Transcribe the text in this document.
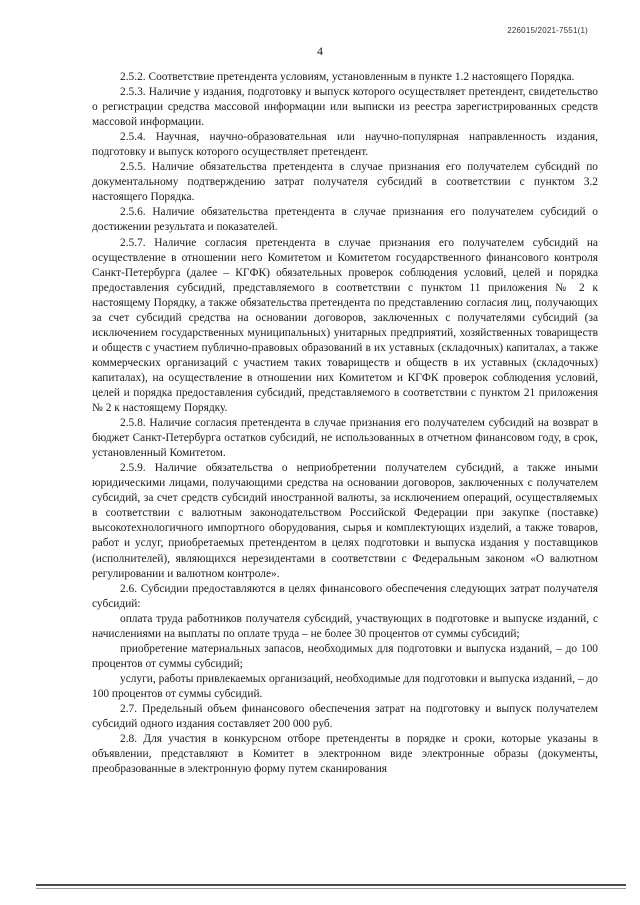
226015/2021-7551(1)
4

2.5.2. Соответствие претендента условиям, установленным в пункте 1.2 настоящего Порядка.

2.5.3. Наличие у издания, подготовку и выпуск которого осуществляет претендент, свидетельство о регистрации средства массовой информации или выписки из реестра зарегистрированных средств массовой информации.

2.5.4. Научная, научно-образовательная или научно-популярная направленность издания, подготовку и выпуск которого осуществляет претендент.

2.5.5. Наличие обязательства претендента в случае признания его получателем субсидий по документальному подтверждению затрат получателя субсидий в соответствии с пунктом 3.2 настоящего Порядка.

2.5.6. Наличие обязательства претендента в случае признания его получателем субсидий о достижении результата и показателей.

2.5.7. Наличие согласия претендента в случае признания его получателем субсидий на осуществление в отношении него Комитетом и Комитетом государственного финансового контроля Санкт-Петербурга (далее – КГФК) обязательных проверок соблюдения условий, целей и порядка предоставления субсидий, представляемого в соответствии с пунктом 11 приложения № 2 к настоящему Порядку, а также обязательства претендента по представлению согласия лиц, получающих за счет субсидий средства на основании договоров, заключенных с получателями субсидий (за исключением государственных муниципальных) унитарных предприятий, хозяйственных товариществ и обществ с участием публично-правовых образований в их уставных (складочных) капиталах, а также коммерческих организаций с участием таких товариществ и обществ в их уставных (складочных) капиталах), на осуществление в отношении них Комитетом и КГФК проверок соблюдения условий, целей и порядка предоставления субсидий, представляемого в соответствии с пунктом 21 приложения № 2 к настоящему Порядку.

2.5.8. Наличие согласия претендента в случае признания его получателем субсидий на возврат в бюджет Санкт-Петербурга остатков субсидий, не использованных в отчетном финансовом году, в срок, установленный Комитетом.

2.5.9. Наличие обязательства о неприобретении получателем субсидий, а также иными юридическими лицами, получающими средства на основании договоров, заключенных с получателем субсидий, за счет средств субсидий иностранной валюты, за исключением операций, осуществляемых в соответствии с валютным законодательством Российской Федерации при закупке (поставке) высокотехнологичного импортного оборудования, сырья и комплектующих изделий, а также товаров, работ и услуг, приобретаемых претендентом в целях подготовки и выпуска издания у поставщиков (исполнителей), являющихся нерезидентами в соответствии с Федеральным законом «О валютном регулировании и валютном контроле».

2.6. Субсидии предоставляются в целях финансового обеспечения следующих затрат получателя субсидий:

оплата труда работников получателя субсидий, участвующих в подготовке и выпуске изданий, с начислениями на выплаты по оплате труда – не более 30 процентов от суммы субсидий;

приобретение материальных запасов, необходимых для подготовки и выпуска изданий, – до 100 процентов от суммы субсидий;

услуги, работы привлекаемых организаций, необходимые для подготовки и выпуска изданий, – до 100 процентов от суммы субсидий.

2.7. Предельный объем финансового обеспечения затрат на подготовку и выпуск получателем субсидий одного издания составляет 200 000 руб.

2.8. Для участия в конкурсном отборе претенденты в порядке и сроки, которые указаны в объявлении, представляют в Комитет в электронном виде электронные образы (документы, преобразованные в электронную форму путем сканирования
